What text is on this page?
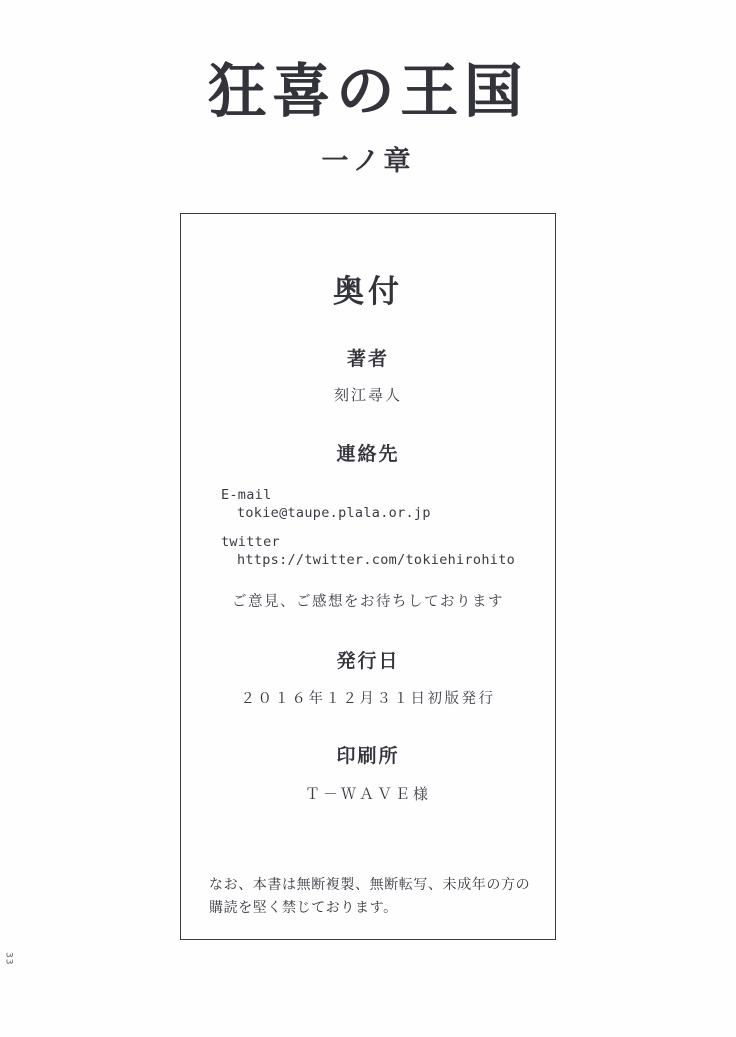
狂喜の王国
一ノ章
奥付
著者
刻江尋人
連絡先
E-mail
tokie@taupe.plala.or.jp
twitter
https://twitter.com/tokiehirohito
ご意見、ご感想をお待ちしております
発行日
２０１６年１２月３１日初版発行
印刷所
Ｔ－ＷＡＶＥ様
なお、本書は無断複製、無断転写、未成年の方の
購読を堅く禁じております。
33
